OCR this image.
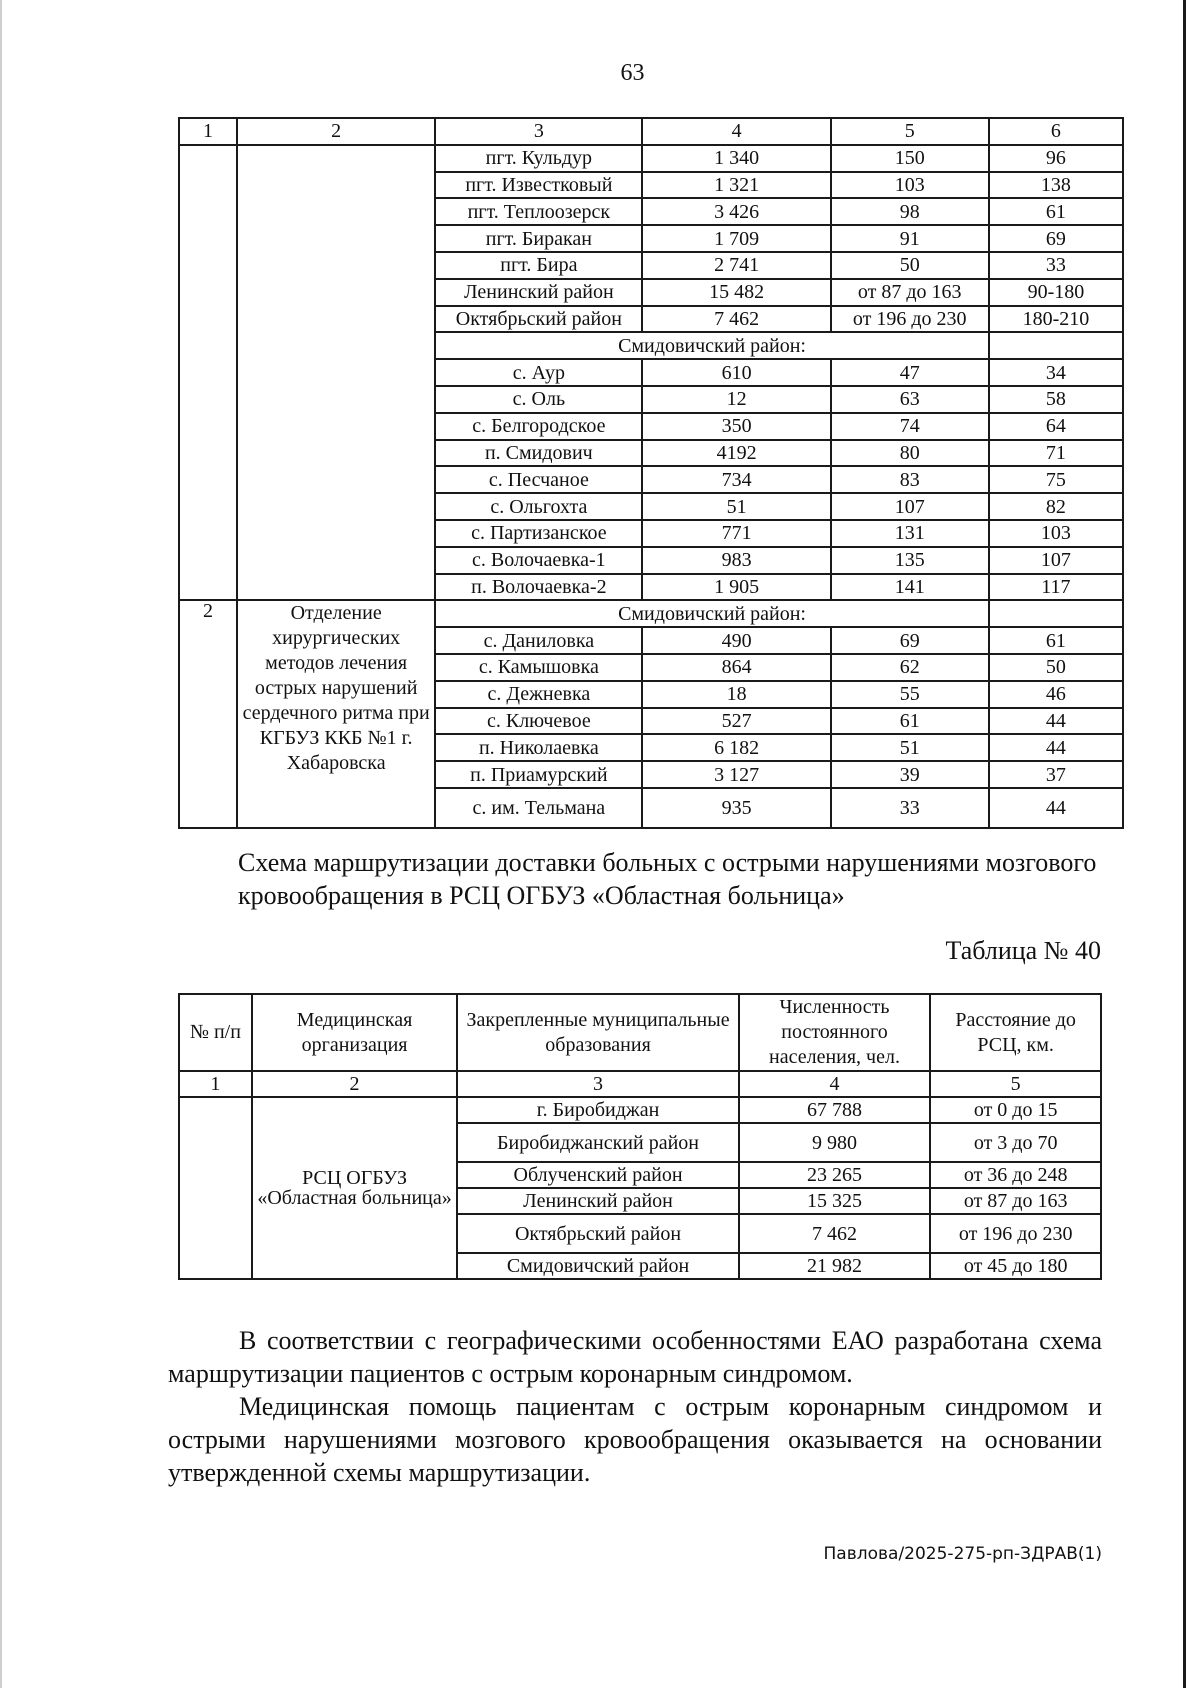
63
1	2	3	4	5	6
		пгт. Кульдур	1 340	150	96
		пгт. Известковый	1 321	103	138
		пгт. Теплоозерск	3 426	98	61
		пгт. Биракан	1 709	91	69
		пгт. Бира	2 741	50	33
		Ленинский район	15 482	от 87 до 163	90-180
		Октябрьский район	7 462	от 196 до 230	180-210
		Смидовичский район:			
		с. Аур	610	47	34
		с. Оль	12	63	58
		с. Белгородское	350	74	64
		п. Смидович	4192	80	71
		с. Песчаное	734	83	75
		с. Ольгохта	51	107	82
		с. Партизанское	771	131	103
		с. Волочаевка-1	983	135	107
		п. Волочаевка-2	1 905	141	117
2	Отделение хирургических методов лечения острых нарушений сердечного ритма при КГБУЗ ККБ №1 г. Хабаровска	Смидовичский район:			
		с. Даниловка	490	69	61
		с. Камышовка	864	62	50
		с. Дежневка	18	55	46
		с. Ключевое	527	61	44
		п. Николаевка	6 182	51	44
		п. Приамурский	3 127	39	37
		с. им. Тельмана	935	33	44
Схема маршрутизации доставки больных с острыми нарушениями мозгового кровообращения в РСЦ ОГБУЗ «Областная больница»
Таблица № 40
№ п/п	Медицинская организация	Закрепленные муниципальные образования	Численность постоянного населения, чел.	Расстояние до РСЦ, км.
1	2	3	4	5
	РСЦ ОГБУЗ «Областная больница»	г. Биробиджан	67 788	от 0 до 15
		Биробиджанский район	9 980	от 3 до 70
		Облученский район	23 265	от 36 до 248
		Ленинский район	15 325	от 87 до 163
		Октябрьский район	7 462	от 196 до 230
		Смидовичский район	21 982	от 45 до 180
В соответствии с географическими особенностями ЕАО разработана схема маршрутизации пациентов с острым коронарным синдромом.
Медицинская помощь пациентам с острым коронарным синдромом и острыми нарушениями мозгового кровообращения оказывается на основании утвержденной схемы маршрутизации.
Павлова/2025-275-рп-ЗДРАВ(1)
